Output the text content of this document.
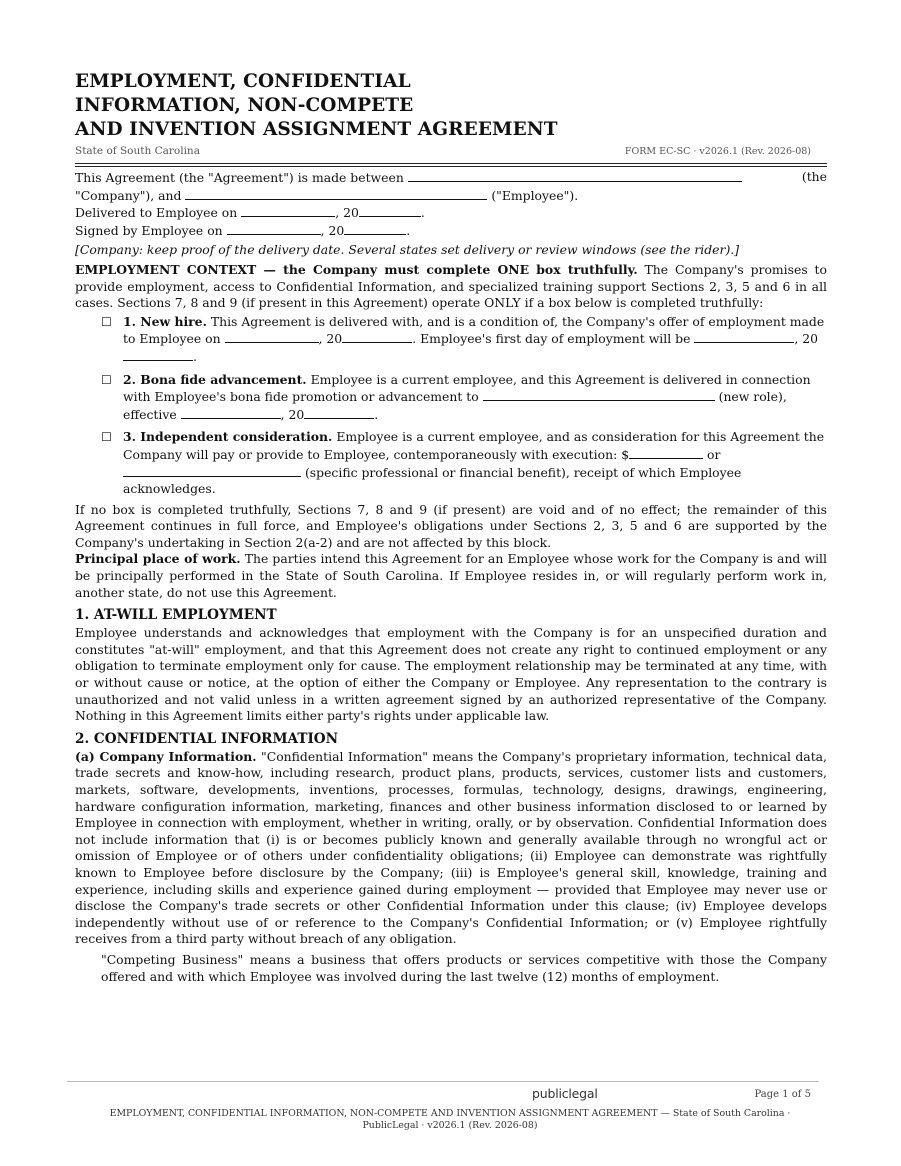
EMPLOYMENT, CONFIDENTIAL
INFORMATION, NON-COMPETE
AND INVENTION ASSIGNMENT AGREEMENT
State of South Carolina	FORM EC-SC · v2026.1 (Rev. 2026-08)

This Agreement (the "Agreement") is made between	(the

"Company"), and	("Employee").

Delivered to Employee on	, 20	.

Signed by Employee on	, 20	.

[Company: keep proof of the delivery date. Several states set delivery or review windows (see the rider).]

EMPLOYMENT CONTEXT — the Company must complete ONE box truthfully. The Company's promises to provide employment, access to Confidential Information, and specialized training support Sections 2, 3, 5 and 6 in all cases. Sections 7, 8 and 9 (if present in this Agreement) operate ONLY if a box below is completed truthfully:

☐ 1. New hire. This Agreement is delivered with, and is a condition of, the Company's offer of employment made to Employee on	, 20	. Employee's first day of employment will be	, 20.
☐ 2. Bona fide advancement. Employee is a current employee, and this Agreement is delivered in connection with Employee's bona fide promotion or advancement to	(new role), effective	, 20	.
☐ 3. Independent consideration. Employee is a current employee, and as consideration for this Agreement the Company will pay or provide to Employee, contemporaneously with execution: $	or  (specific professional or financial benefit), receipt of which Employee acknowledges.

If no box is completed truthfully, Sections 7, 8 and 9 (if present) are void and of no effect; the remainder of this Agreement continues in full force, and Employee's obligations under Sections 2, 3, 5 and 6 are supported by the Company's undertaking in Section 2(a-2) and are not affected by this block.

Principal place of work. The parties intend this Agreement for an Employee whose work for the Company is and will be principally performed in the State of South Carolina. If Employee resides in, or will regularly perform work in, another state, do not use this Agreement.

1. AT-WILL EMPLOYMENT

Employee understands and acknowledges that employment with the Company is for an unspecified duration and constitutes "at-will" employment, and that this Agreement does not create any right to continued employment or any obligation to terminate employment only for cause. The employment relationship may be terminated at any time, with or without cause or notice, at the option of either the Company or Employee. Any representation to the contrary is unauthorized and not valid unless in a written agreement signed by an authorized representative of the Company. Nothing in this Agreement limits either party's rights under applicable law.

2. CONFIDENTIAL INFORMATION

(a) Company Information. "Confidential Information" means the Company's proprietary information, technical data, trade secrets and know-how, including research, product plans, products, services, customer lists and customers, markets, software, developments, inventions, processes, formulas, technology, designs, drawings, engineering, hardware configuration information, marketing, finances and other business information disclosed to or learned by Employee in connection with employment, whether in writing, orally, or by observation. Confidential Information does not include information that (i) is or becomes publicly known and generally available through no wrongful act or omission of Employee or of others under confidentiality obligations; (ii) Employee can demonstrate was rightfully known to Employee before disclosure by the Company; (iii) is Employee's general skill, knowledge, training and experience, including skills and experience gained during employment — provided that Employee may never use or disclose the Company's trade secrets or other Confidential Information under this clause; (iv) Employee develops independently without use of or reference to the Company's Confidential Information; or (v) Employee rightfully receives from a third party without breach of any obligation.

"Competing Business" means a business that offers products or services competitive with those the Company offered and with which Employee was involved during the last twelve (12) months of employment.

publiclegal	Page 1 of 5
EMPLOYMENT, CONFIDENTIAL INFORMATION, NON-COMPETE AND INVENTION ASSIGNMENT AGREEMENT — State of South Carolina · PublicLegal · v2026.1 (Rev. 2026-08)
